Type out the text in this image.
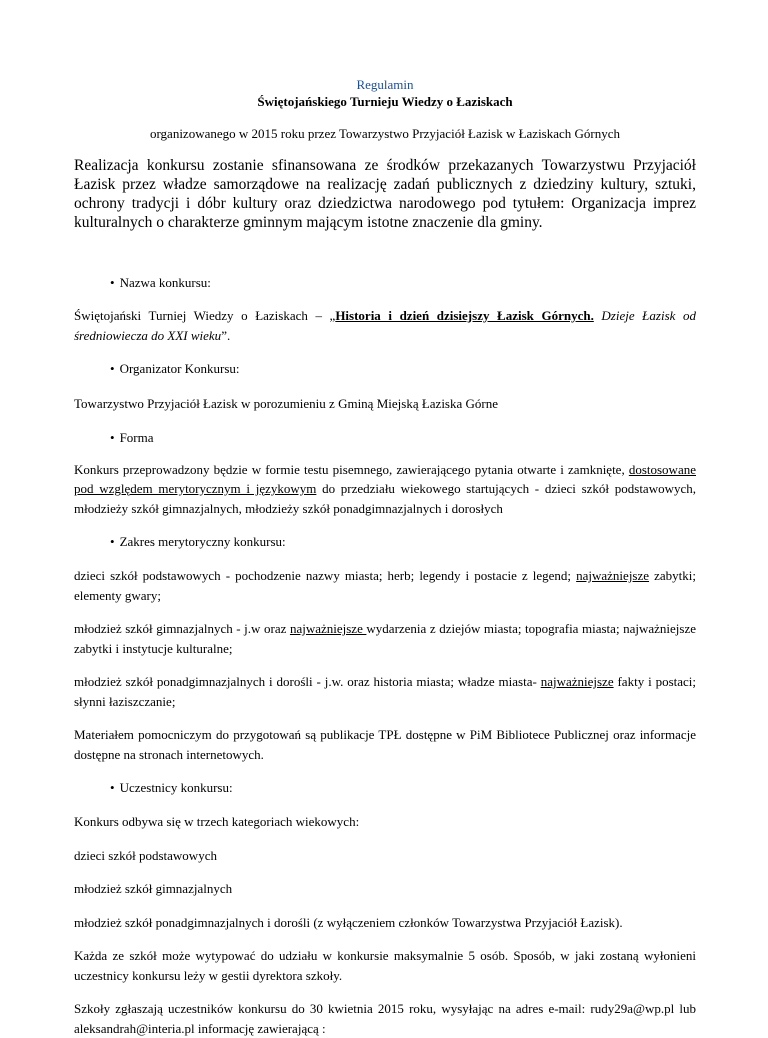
Regulamin
Świętojańskiego Turnieju Wiedzy o Łaziskach
organizowanego w 2015 roku przez Towarzystwo Przyjaciół Łazisk w Łaziskach Górnych
Realizacja konkursu zostanie sfinansowana ze środków przekazanych Towarzystwu Przyjaciół Łazisk przez władze samorządowe na realizację zadań publicznych z dziedziny kultury, sztuki, ochrony tradycji i dóbr kultury oraz dziedzictwa narodowego pod tytułem: Organizacja imprez kulturalnych o charakterze gminnym mającym istotne znaczenie dla gminy.
• Nazwa konkursu:
Świętojański Turniej Wiedzy o Łaziskach – „Historia i dzień dzisiejszy Łazisk Górnych. Dzieje Łazisk od średniowiecza do XXI wieku”.
• Organizator Konkursu:
Towarzystwo Przyjaciół Łazisk w porozumieniu z Gminą Miejską Łaziska Górne
• Forma
Konkurs przeprowadzony będzie w formie testu pisemnego, zawierającego pytania otwarte i zamknięte, dostosowane pod względem merytorycznym i językowym do przedziału wiekowego startujących - dzieci szkół podstawowych, młodzieży szkół gimnazjalnych, młodzieży szkół ponadgimnazjalnych i dorosłych
• Zakres merytoryczny konkursu:
dzieci szkół podstawowych - pochodzenie nazwy miasta; herb; legendy i postacie z legend; najważniejsze zabytki; elementy gwary;
młodzież szkół gimnazjalnych - j.w oraz najważniejsze wydarzenia z dziejów miasta; topografia miasta; najważniejsze zabytki i instytucje kulturalne;
młodzież szkół ponadgimnazjalnych i dorośli - j.w. oraz historia miasta; władze miasta- najważniejsze fakty i postaci; słynni łaziszczanie;
Materiałem pomocniczym do przygotowań są publikacje TPŁ dostępne w PiM Bibliotece Publicznej oraz informacje dostępne na stronach internetowych.
• Uczestnicy konkursu:
Konkurs odbywa się w trzech kategoriach wiekowych:
dzieci szkół podstawowych
młodzież szkół gimnazjalnych
młodzież szkół ponadgimnazjalnych i dorośli (z wyłączeniem członków Towarzystwa Przyjaciół Łazisk).
Każda ze szkół może wytypować do udziału w konkursie maksymalnie 5 osób. Sposób, w jaki zostaną wyłonieni uczestnicy konkursu leży w gestii dyrektora szkoły.
Szkoły zgłaszają uczestników konkursu do 30 kwietnia 2015 roku, wysyłając na adres e-mail: rudy29a@wp.pl lub aleksandrah@interia.pl informację zawierającą :
